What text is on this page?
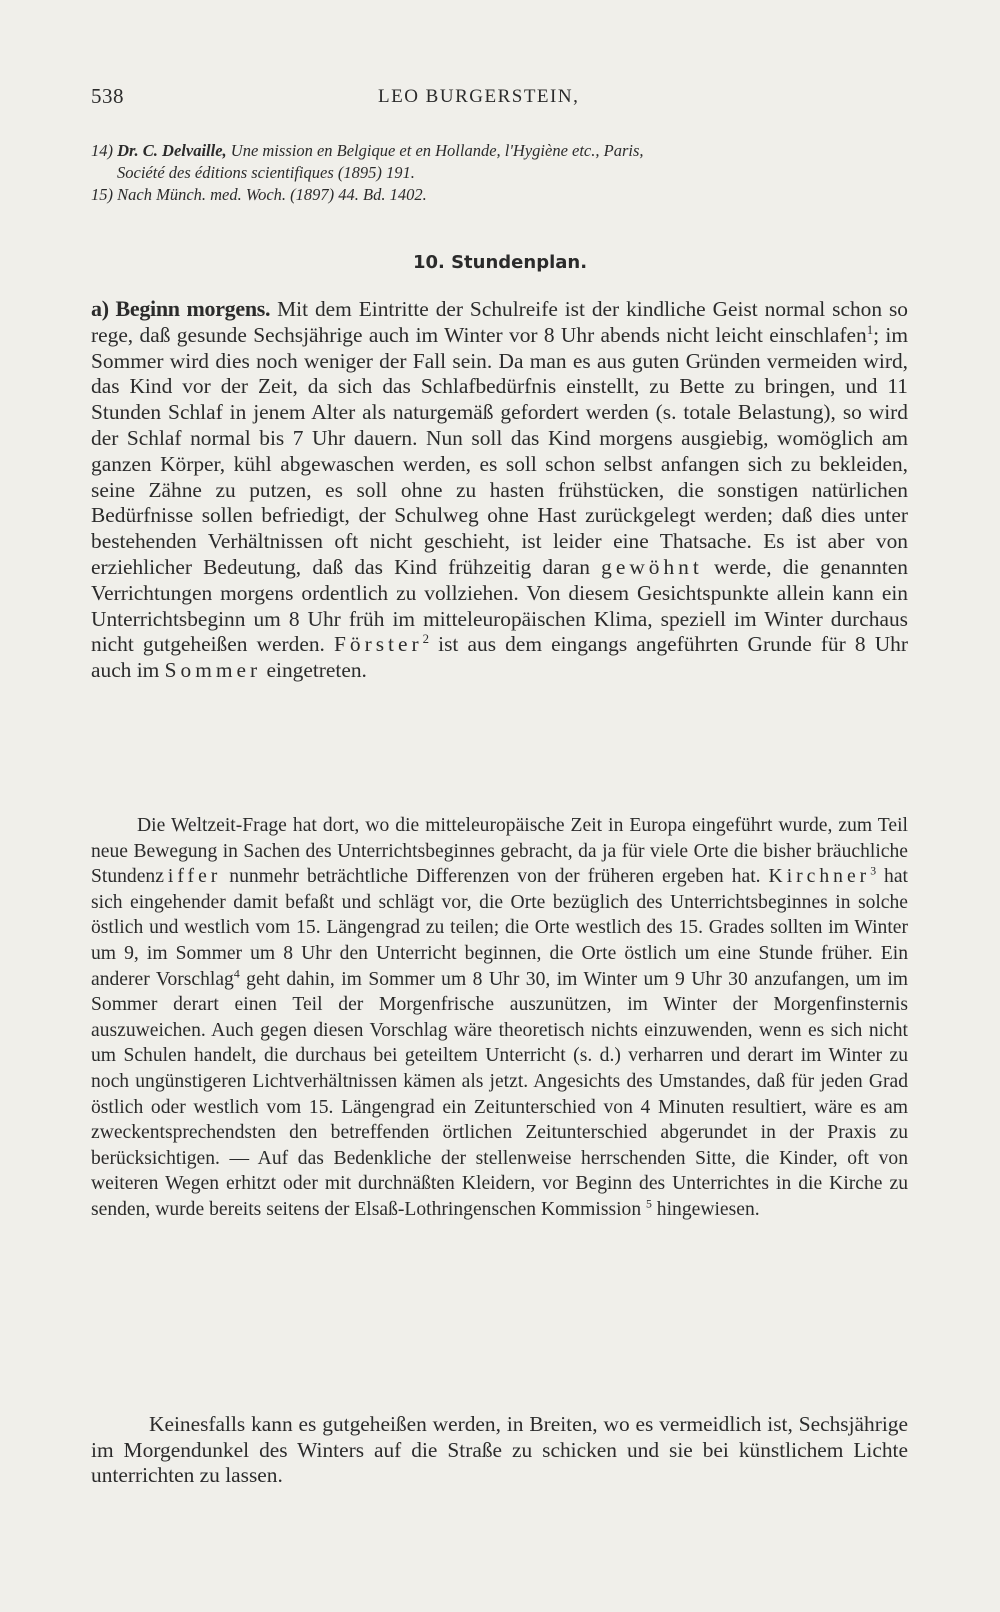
538	LEO BURGERSTEIN,

14) Dr. C. Delvaille, Une mission en Belgique et en Hollande, l'Hygiène etc., Paris,

Société des éditions scientifiques (1895) 191.

15) Nach Münch. med. Woch. (1897) 44. Bd. 1402.

10. Stundenplan.

a) Beginn morgens. Mit dem Eintritte der Schulreife ist der kindliche Geist normal schon so rege, daß gesunde Sechsjährige auch im Winter vor 8 Uhr abends nicht leicht einschlafen$^1$; im Sommer wird dies noch weniger der Fall sein. Da man es aus guten Gründen vermeiden wird, das Kind vor der Zeit, da sich das Schlafbedürfnis einstellt, zu Bette zu bringen, und 11 Stunden Schlaf in jenem Alter als naturgemäß gefordert werden (s. totale Belastung), so wird der Schlaf normal bis 7 Uhr dauern. Nun soll das Kind morgens ausgiebig, womöglich am ganzen Körper, kühl abgewaschen werden, es soll schon selbst anfangen sich zu bekleiden, seine Zähne zu putzen, es soll ohne zu hasten frühstücken, die sonstigen natürlichen Bedürfnisse sollen befriedigt, der Schulweg ohne Hast zurückgelegt werden; daß dies unter bestehenden Verhältnissen oft nicht geschieht, ist leider eine Thatsache. Es ist aber von erziehlicher Bedeutung, daß das Kind frühzeitig daran gewöhnt werde, die genannten Verrichtungen morgens ordentlich zu vollziehen. Von diesem Gesichtspunkte allein kann ein Unterrichtsbeginn um 8 Uhr früh im mitteleuropäischen Klima, speziell im Winter durchaus nicht gutgeheißen werden. Förster$^2$ ist aus dem eingangs angeführten Grunde für 8 Uhr auch im Sommer eingetreten.

Die Weltzeit-Frage hat dort, wo die mitteleuropäische Zeit in Europa eingeführt wurde, zum Teil neue Bewegung in Sachen des Unterrichtsbeginnes gebracht, da ja für viele Orte die bisher bräuchliche Stundenziffer nunmehr beträchtliche Differenzen von der früheren ergeben hat. Kirchner$^3$ hat sich eingehender damit befaßt und schlägt vor, die Orte bezüglich des Unterrichtsbeginnes in solche östlich und westlich vom 15. Längengrad zu teilen; die Orte westlich des 15. Grades sollten im Winter um 9, im Sommer um 8 Uhr den Unterricht beginnen, die Orte östlich um eine Stunde früher. Ein anderer Vorschlag$^4$ geht dahin, im Sommer um 8 Uhr 30, im Winter um 9 Uhr 30 anzufangen, um im Sommer derart einen Teil der Morgenfrische auszunützen, im Winter der Morgenfinsternis auszuweichen. Auch gegen diesen Vorschlag wäre theoretisch nichts einzuwenden, wenn es sich nicht um Schulen handelt, die durchaus bei geteiltem Unterricht (s. d.) verharren und derart im Winter zu noch ungünstigeren Lichtverhältnissen kämen als jetzt. Angesichts des Umstandes, daß für jeden Grad östlich oder westlich vom 15. Längengrad ein Zeitunterschied von 4 Minuten resultiert, wäre es am zweckentsprechendsten den betreffenden örtlichen Zeitunterschied abgerundet in der Praxis zu berücksichtigen. — Auf das Bedenkliche der stellenweise herrschenden Sitte, die Kinder, oft von weiteren Wegen erhitzt oder mit durchnäßten Kleidern, vor Beginn des Unterrichtes in die Kirche zu senden, wurde bereits seitens der Elsaß-Lothringenschen Kommission $^5$ hingewiesen.

Keinesfalls kann es gutgeheißen werden, in Breiten, wo es vermeidlich ist, Sechsjährige im Morgendunkel des Winters auf die Straße zu schicken und sie bei künstlichem Lichte unterrichten zu lassen.
